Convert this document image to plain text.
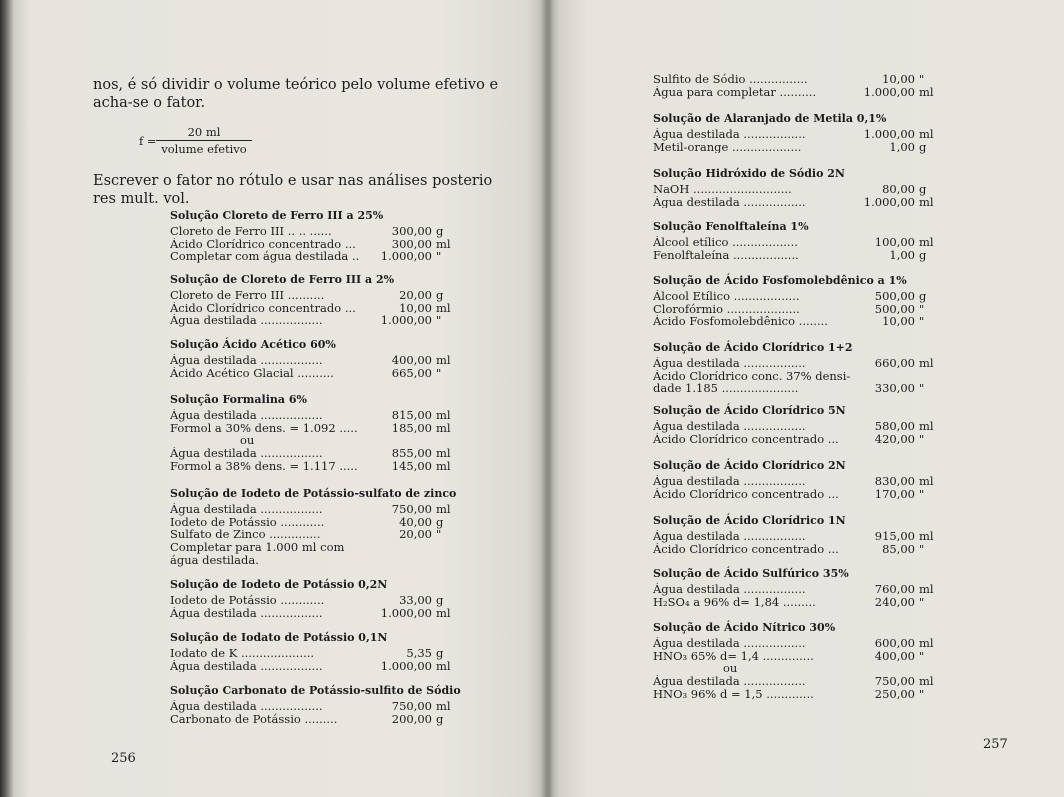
nos, é só dividir o volume teórico pelo volume efetivo e acha-se o fator.
f =
20 ml
volume efetivo
Escrever o fator no rótulo e usar nas análises posterio res mult. vol.
Solução Cloreto de Ferro III a 25%
Cloreto de Ferro III .. .. ......	300,00 g
Ácido Clorídrico concentrado ...	300,00 ml
Completar com água destilada ..	1.000,00 "
Solução de Cloreto de Ferro III a 2%
Cloreto de Ferro III ..........	20,00 g
Ácido Clorídrico concentrado ...	10,00 ml
Água destilada .................	1.000,00 "
Solução Ácido Acético 60%
Água destilada .................	400,00 ml
Ácido Acético Glacial ..........	665,00 "
Solução Formalina 6%
Água destilada .................	815,00 ml
Formol a 30% dens. = 1.092 .....	185,00 ml
ou
Água destilada .................	855,00 ml
Formol a 38% dens. = 1.117 .....	145,00 ml
Solução de Iodeto de Potássio-sulfato de zinco
Água destilada .................	750,00 ml
Iodeto de Potássio ............	40,00 g
Sulfato de Zinco ..............	20,00 "
Completar para 1.000 ml com
água destilada.
Solução de Iodeto de Potássio 0,2N
Iodeto de Potássio ............	33,00 g
Água destilada .................	1.000,00 ml
Solução de Iodato de Potássio 0,1N
Iodato de K ....................	5,35 g
Água destilada .................	1.000,00 ml
Solução Carbonato de Potássio-sulfito de Sódio
Água destilada .................	750,00 ml
Carbonato de Potássio .........	200,00 g
256
Sulfito de Sódio ................	10,00 "
Água para completar ..........	1.000,00 ml
Solução de Alaranjado de Metila 0,1%
Água destilada .................	1.000,00 ml
Metil-orange ...................	1,00 g
Solução Hidróxido de Sódio 2N
NaOH ...........................	80,00 g
Água destilada .................	1.000,00 ml
Solução Fenolftaleína 1%
Álcool etílico ..................	100,00 ml
Fenolftaleína ..................	1,00 g
Solução de Ácido Fosfomolebdênico a 1%
Álcool Etílico ..................	500,00 g
Clorofórmio ....................	500,00 "
Ácido Fosfomolebdênico ........	10,00 "
Solução de Ácido Clorídrico 1+2
Água destilada .................	660,00 ml
Ácido Clorídrico conc. 37% densi-
dade 1.185 .....................	330,00 "
Solução de Ácido Clorídrico 5N
Água destilada .................	580,00 ml
Ácido Clorídrico concentrado ...	420,00 "
Solução de Ácido Clorídrico 2N
Água destilada .................	830,00 ml
Ácido Clorídrico concentrado ...	170,00 "
Solução de Ácido Clorídrico 1N
Água destilada .................	915,00 ml
Ácido Clorídrico concentrado ...	85,00 "
Solução de Ácido Sulfúrico 35%
Água destilada .................	760,00 ml
H₂SO₄ a 96% d= 1,84 .........	240,00 "
Solução de Ácido Nítrico 30%
Água destilada .................	600,00 ml
HNO₃ 65% d= 1,4 ..............	400,00 "
ou
Água destilada .................	750,00 ml
HNO₃ 96% d = 1,5 .............	250,00 "
257
